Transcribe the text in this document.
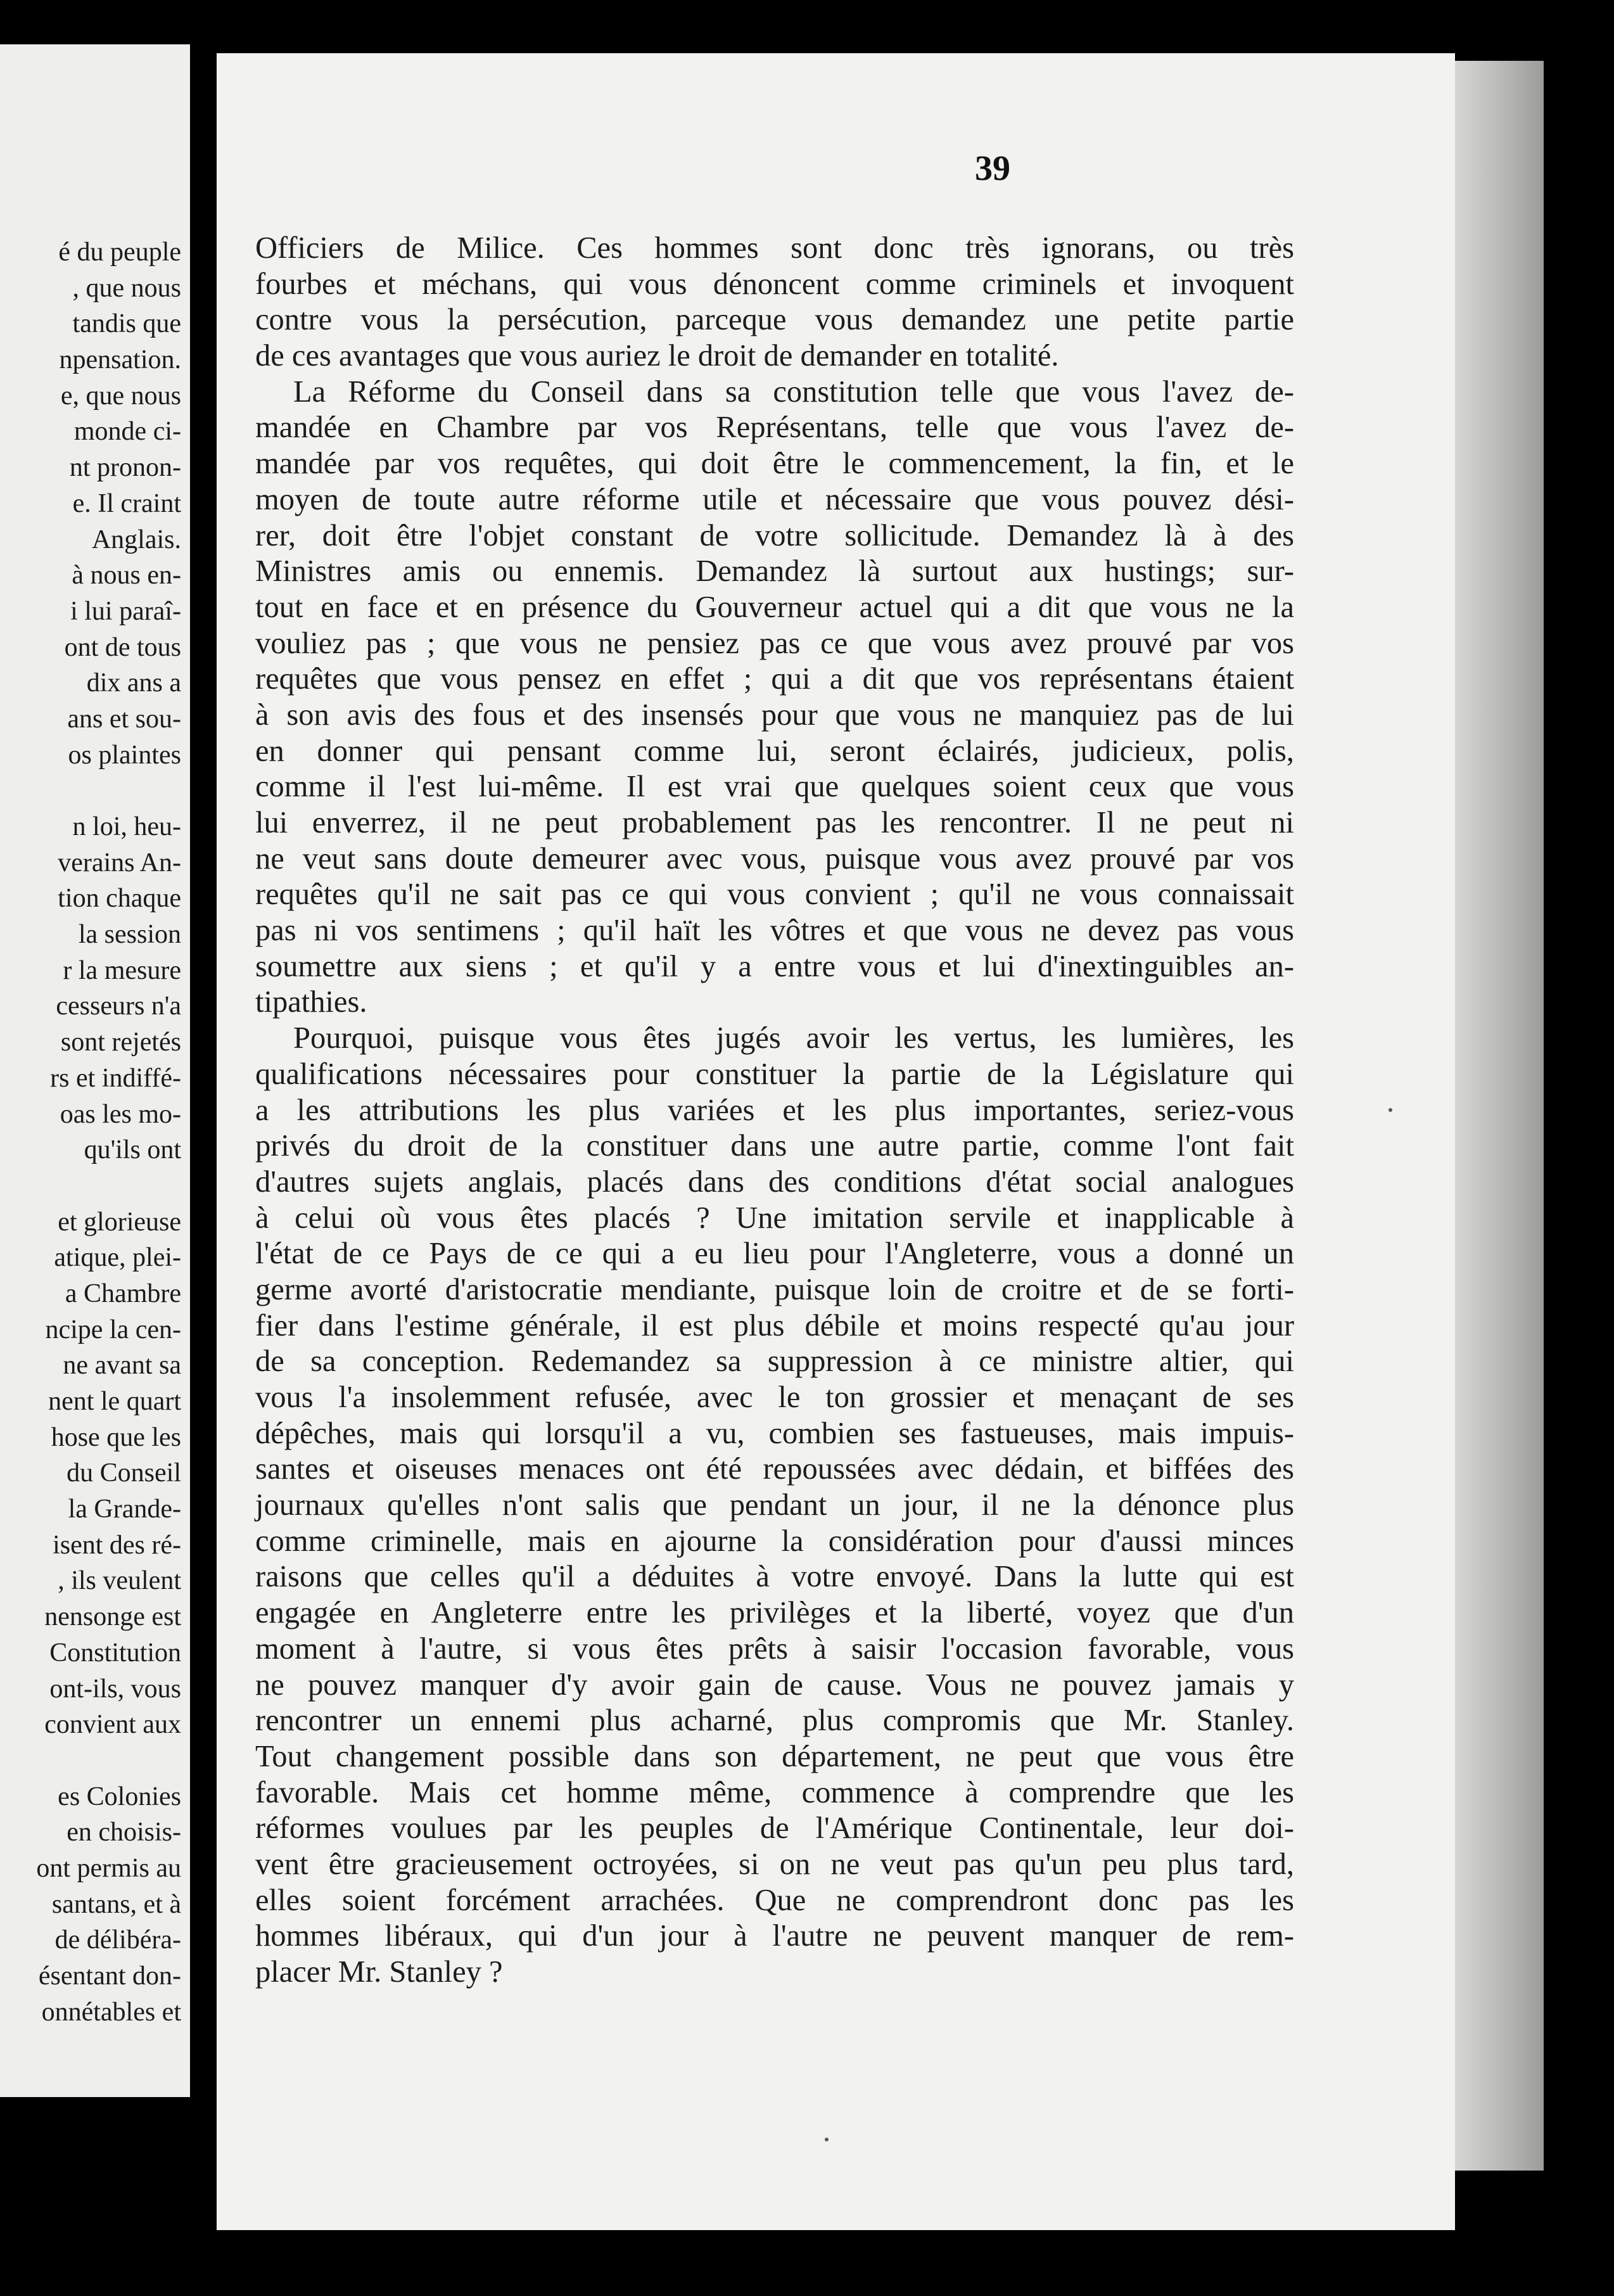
é du peuple
, que nous
tandis que
npensation.
e, que nous
monde ci-
nt pronon-
e. Il craint
Anglais.
à nous en-
i lui paraî-
ont de tous
dix ans a
ans et sou-
os plaintes
n loi, heu-
verains An-
tion chaque
la session
r la mesure
cesseurs n'a
sont rejetés
rs et indiffé-
oas les mo-
qu'ils ont
et glorieuse
atique, plei-
a Chambre
ncipe la cen-
ne avant sa
nent le quart
hose que les
du Conseil
la Grande-
isent des ré-
, ils veulent
nensonge est
Constitution
ont-ils, vous
convient aux
es Colonies
en choisis-
ont permis au
santans, et à
de délibéra-
ésentant don-
onnétables et
39
Officiers de Milice. Ces hommes sont donc très ignorans, ou très
fourbes et méchans, qui vous dénoncent comme criminels et invoquent
contre vous la persécution, parceque vous demandez une petite partie
de ces avantages que vous auriez le droit de demander en totalité.
La Réforme du Conseil dans sa constitution telle que vous l'avez de-
mandée en Chambre par vos Représentans, telle que vous l'avez de-
mandée par vos requêtes, qui doit être le commencement, la fin, et le
moyen de toute autre réforme utile et nécessaire que vous pouvez dési-
rer, doit être l'objet constant de votre sollicitude. Demandez là à des
Ministres amis ou ennemis. Demandez là surtout aux hustings; sur-
tout en face et en présence du Gouverneur actuel qui a dit que vous ne la
vouliez pas ; que vous ne pensiez pas ce que vous avez prouvé par vos
requêtes que vous pensez en effet ; qui a dit que vos représentans étaient
à son avis des fous et des insensés pour que vous ne manquiez pas de lui
en donner qui pensant comme lui, seront éclairés, judicieux, polis,
comme il l'est lui-même. Il est vrai que quelques soient ceux que vous
lui enverrez, il ne peut probablement pas les rencontrer. Il ne peut ni
ne veut sans doute demeurer avec vous, puisque vous avez prouvé par vos
requêtes qu'il ne sait pas ce qui vous convient ; qu'il ne vous connaissait
pas ni vos sentimens ; qu'il haït les vôtres et que vous ne devez pas vous
soumettre aux siens ; et qu'il y a entre vous et lui d'inextinguibles an-
tipathies.
Pourquoi, puisque vous êtes jugés avoir les vertus, les lumières, les
qualifications nécessaires pour constituer la partie de la Législature qui
a les attributions les plus variées et les plus importantes, seriez-vous
privés du droit de la constituer dans une autre partie, comme l'ont fait
d'autres sujets anglais, placés dans des conditions d'état social analogues
à celui où vous êtes placés ? Une imitation servile et inapplicable à
l'état de ce Pays de ce qui a eu lieu pour l'Angleterre, vous a donné un
germe avorté d'aristocratie mendiante, puisque loin de croitre et de se forti-
fier dans l'estime générale, il est plus débile et moins respecté qu'au jour
de sa conception. Redemandez sa suppression à ce ministre altier, qui
vous l'a insolemment refusée, avec le ton grossier et menaçant de ses
dépêches, mais qui lorsqu'il a vu, combien ses fastueuses, mais impuis-
santes et oiseuses menaces ont été repoussées avec dédain, et biffées des
journaux qu'elles n'ont salis que pendant un jour, il ne la dénonce plus
comme criminelle, mais en ajourne la considération pour d'aussi minces
raisons que celles qu'il a déduites à votre envoyé. Dans la lutte qui est
engagée en Angleterre entre les privilèges et la liberté, voyez que d'un
moment à l'autre, si vous êtes prêts à saisir l'occasion favorable, vous
ne pouvez manquer d'y avoir gain de cause. Vous ne pouvez jamais y
rencontrer un ennemi plus acharné, plus compromis que Mr. Stanley.
Tout changement possible dans son département, ne peut que vous être
favorable. Mais cet homme même, commence à comprendre que les
réformes voulues par les peuples de l'Amérique Continentale, leur doi-
vent être gracieusement octroyées, si on ne veut pas qu'un peu plus tard,
elles soient forcément arrachées. Que ne comprendront donc pas les
hommes libéraux, qui d'un jour à l'autre ne peuvent manquer de rem-
placer Mr. Stanley ?
